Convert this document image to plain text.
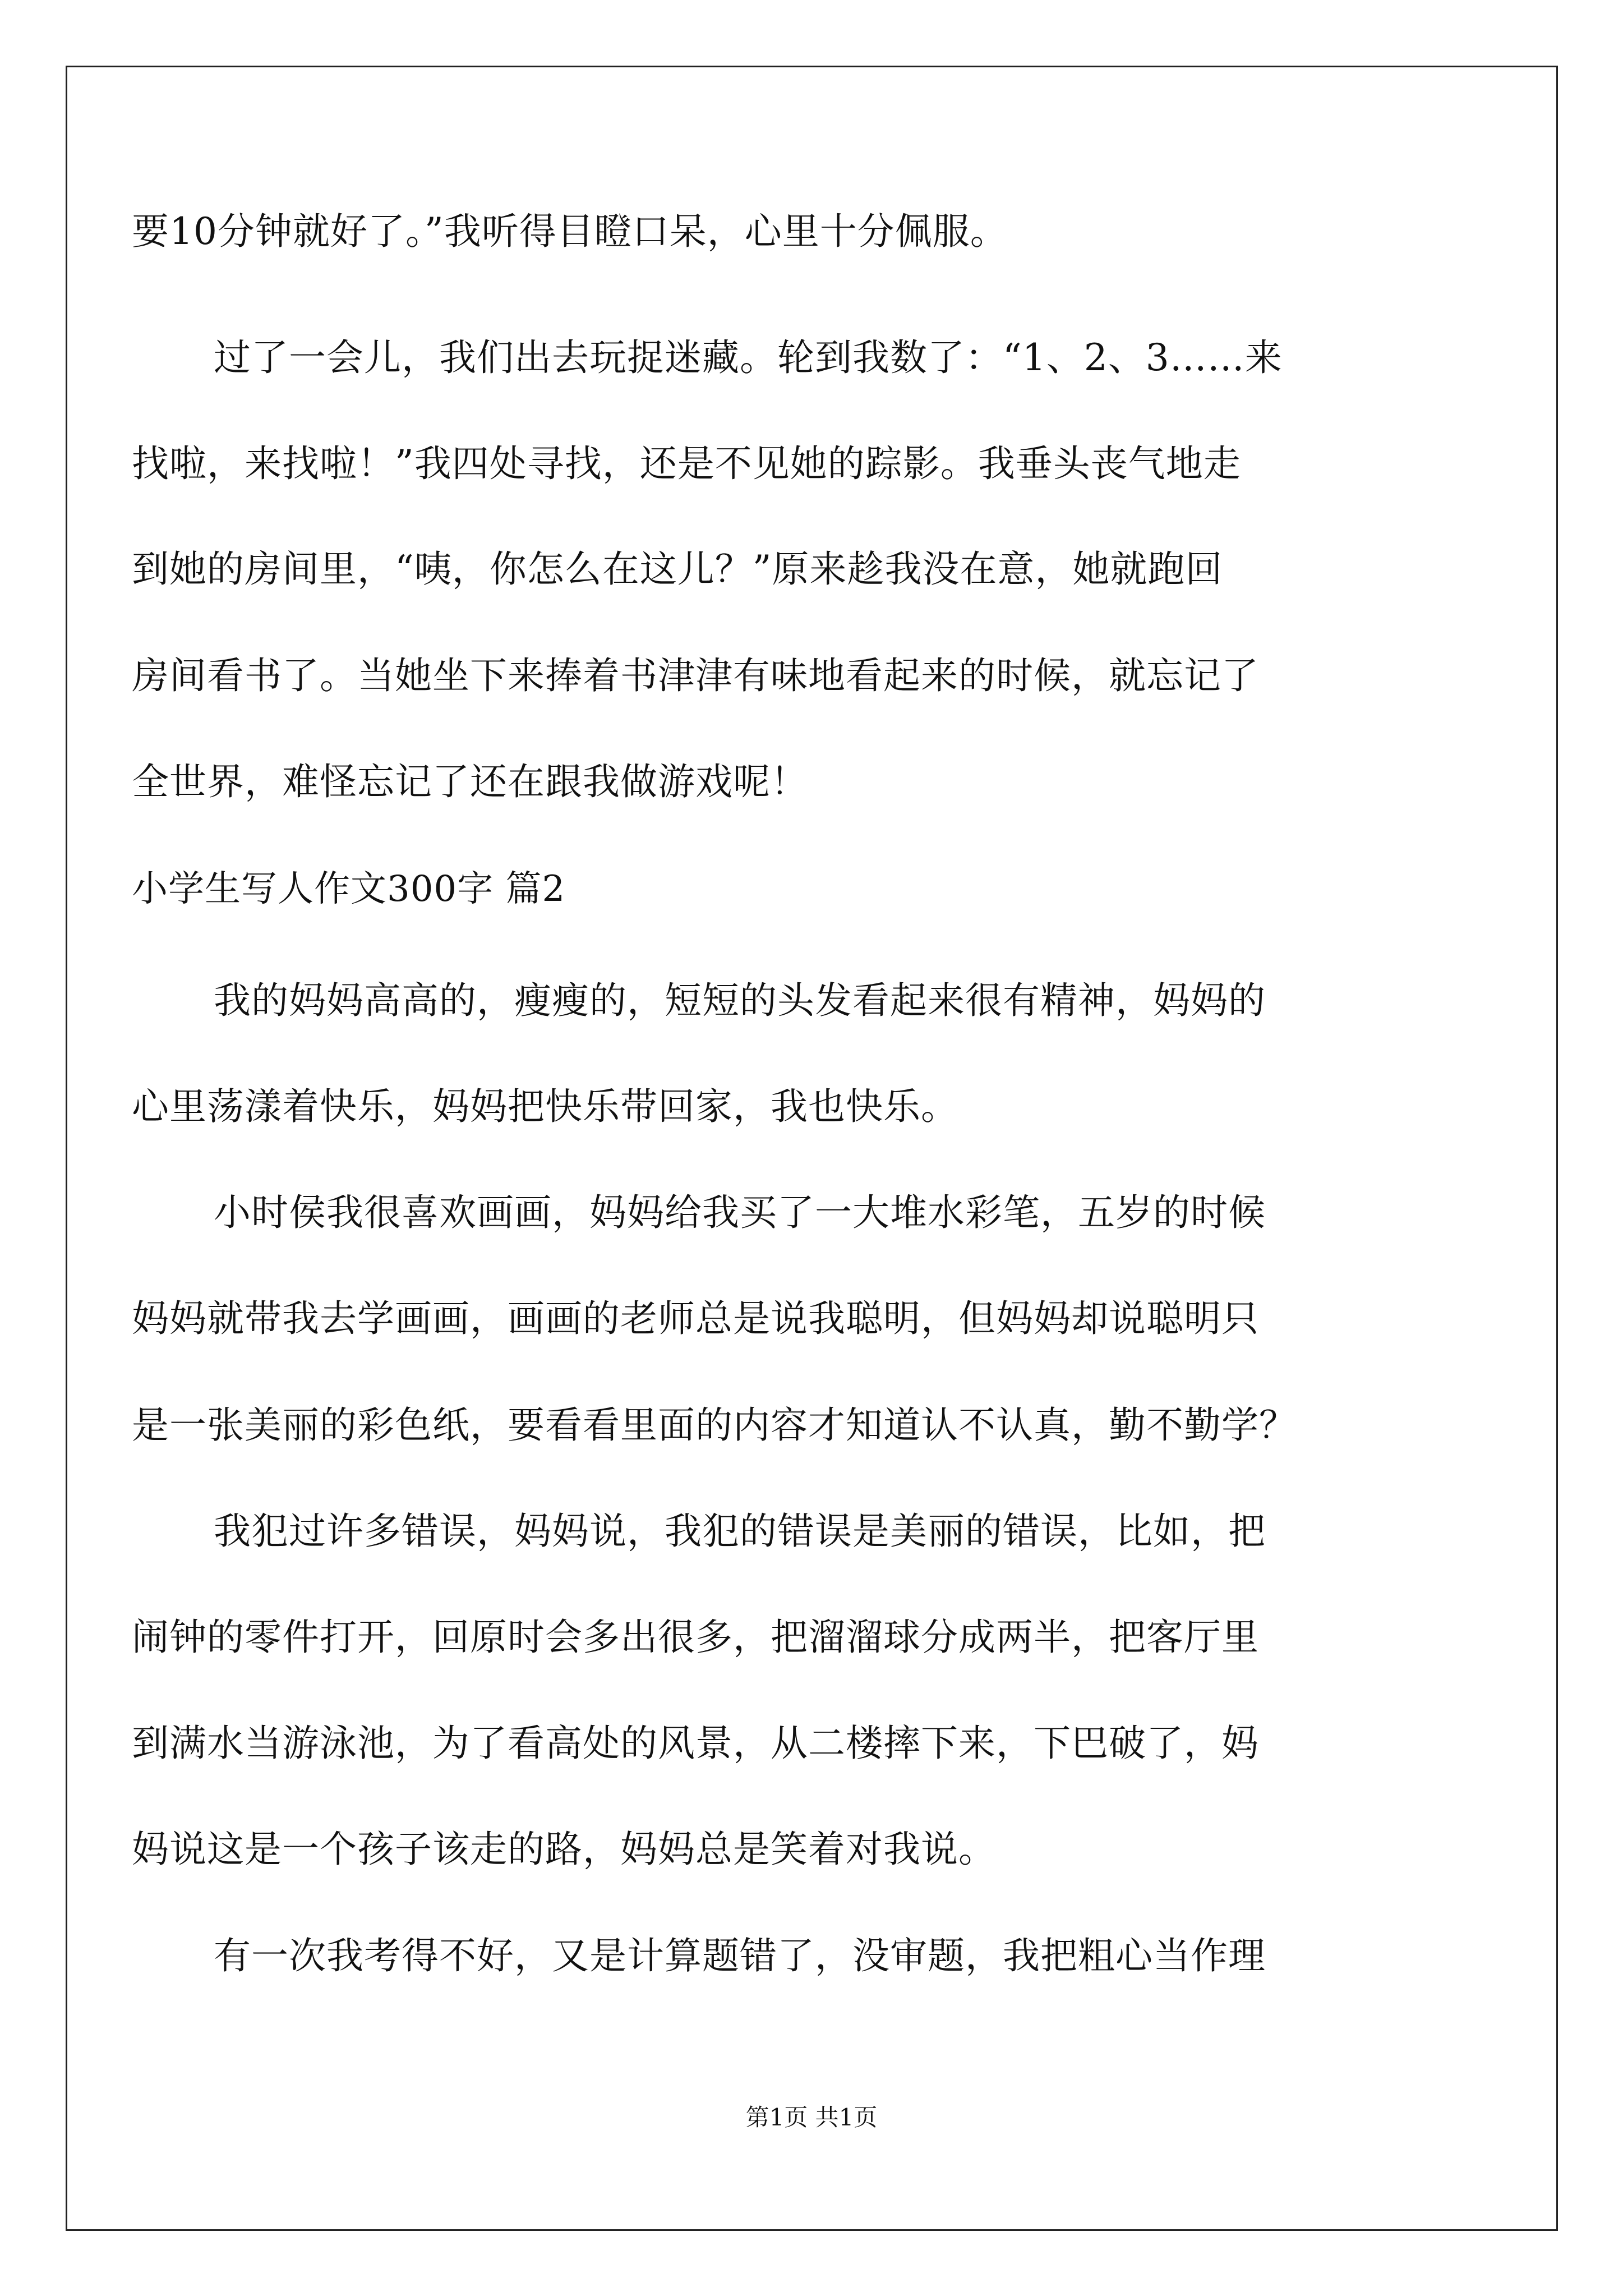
要10分钟就好了。”我听得目瞪口呆，心里十分佩服。
过了一会儿，我们出去玩捉迷藏。轮到我数了：“1、2、3……来
找啦，来找啦！”我四处寻找，还是不见她的踪影。我垂头丧气地走
到她的房间里，“咦，你怎么在这儿？”原来趁我没在意，她就跑回
房间看书了。当她坐下来捧着书津津有味地看起来的时候，就忘记了
全世界，难怪忘记了还在跟我做游戏呢！
小学生写人作文300字 篇2
我的妈妈高高的，瘦瘦的，短短的头发看起来很有精神，妈妈的
心里荡漾着快乐，妈妈把快乐带回家，我也快乐。
小时侯我很喜欢画画，妈妈给我买了一大堆水彩笔，五岁的时候
妈妈就带我去学画画，画画的老师总是说我聪明，但妈妈却说聪明只
是一张美丽的彩色纸，要看看里面的内容才知道认不认真，勤不勤学？
我犯过许多错误，妈妈说，我犯的错误是美丽的错误，比如，把
闹钟的零件打开，回原时会多出很多，把溜溜球分成两半，把客厅里
到满水当游泳池，为了看高处的风景，从二楼摔下来，下巴破了，妈
妈说这是一个孩子该走的路，妈妈总是笑着对我说。
有一次我考得不好，又是计算题错了，没审题，我把粗心当作理
第1页 共1页
